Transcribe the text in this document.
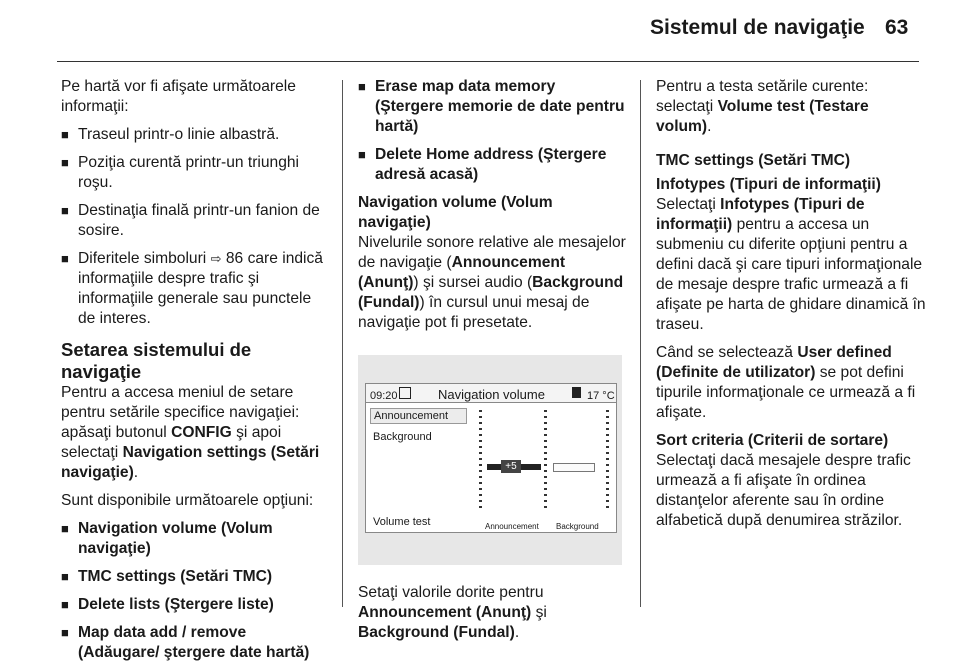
Sistemul de navigaţie 63

Pe hartă vor fi afişate următoarele informaţii:

■ Traseul printr-o linie albastră.
■ Poziţia curentă printr-un triunghi roşu.
■ Destinaţia finală printr-un fanion de sosire.
■ Diferitele simboluri ⇨ 86 care indică informaţiile despre trafic şi informaţiile generale sau punctele de interes.
Setarea sistemului de navigaţie

Pentru a accesa meniul de setare pentru setările specifice navigaţiei: apăsaţi butonul CONFIG şi apoi selectaţi Navigation settings (Setări navigaţie).

Sunt disponibile următoarele opţiuni:

■ Navigation volume (Volum navigaţie)
■ TMC settings (Setări TMC)
■ Delete lists (Ştergere liste)
■ Map data add / remove (Adăugare/ ştergere date hartă)
■ Erase map data memory (Ştergere memorie de date pentru hartă)
■ Delete Home address (Ştergere adresă acasă)
Navigation volume (Volum navigaţie)

Nivelurile sonore relative ale mesajelor de navigaţie (Announcement (Anunţ)) şi sursei audio (Background (Fundal)) în cursul unui mesaj de navigaţie pot fi presetate.

09:20	Navigation volume	17 °C
Announcement
Background
Volume test
+5
Announcement Background

Setaţi valorile dorite pentru
Announcement (Anunţ) şi
Background (Fundal).

Pentru a testa setările curente: selectaţi Volume test (Testare volum).

TMC settings (Setări TMC)
Infotypes (Tipuri de informaţii)

Selectaţi Infotypes (Tipuri de informaţii) pentru a accesa un submeniu cu diferite opţiuni pentru a defini dacă şi care tipuri informaţionale de mesaje despre trafic urmează a fi afişate pe harta de ghidare dinamică în traseu.

Când se selectează User defined (Definite de utilizator) se pot defini tipurile informaţionale ce urmează a fi afişate.

Sort criteria (Criterii de sortare)

Selectaţi dacă mesajele despre trafic urmează a fi afişate în ordinea distanţelor aferente sau în ordine alfabetică după denumirea străzilor.
